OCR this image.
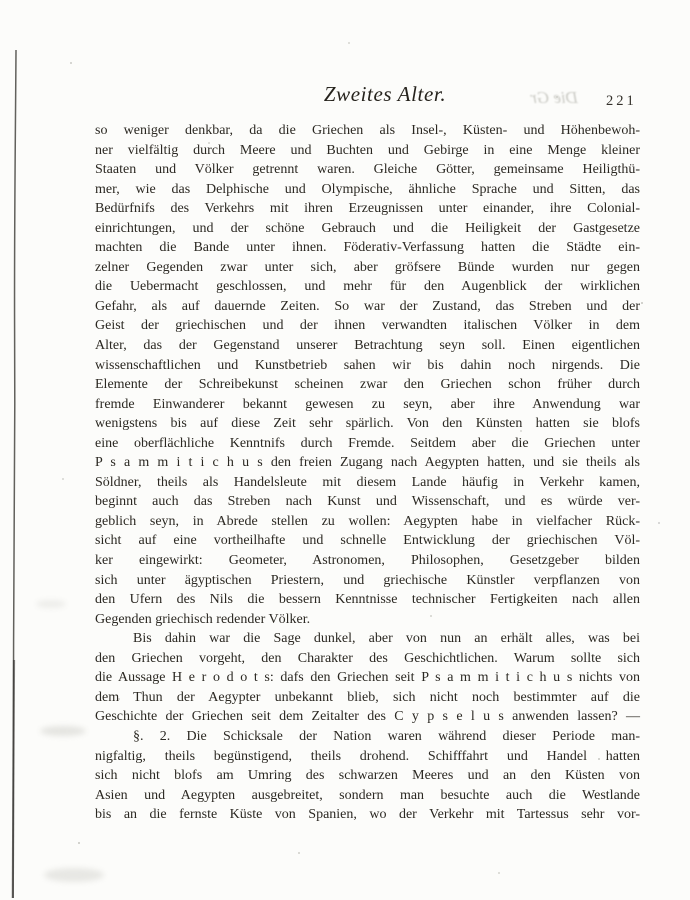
Die Gr
Zweites Alter.	221
so weniger denkbar, da die Griechen als Insel-, Küsten- und Höhenbewoh-
ner vielfältig durch Meere und Buchten und Gebirge in eine Menge kleiner
Staaten und Völker getrennt waren. Gleiche Götter, gemeinsame Heiligthü-
mer, wie das Delphische und Olympische, ähnliche Sprache und Sitten, das
Bedürfnifs des Verkehrs mit ihren Erzeugnissen unter einander, ihre Colonial-
einrichtungen, und der schöne Gebrauch und die Heiligkeit der Gastgesetze
machten die Bande unter ihnen. Föderativ-Verfassung hatten die Städte ein-
zelner Gegenden zwar unter sich, aber gröfsere Bünde wurden nur gegen
die Uebermacht geschlossen, und mehr für den Augenblick der wirklichen
Gefahr, als auf dauernde Zeiten. So war der Zustand, das Streben und der
Geist der griechischen und der ihnen verwandten italischen Völker in dem
Alter, das der Gegenstand unserer Betrachtung seyn soll. Einen eigentlichen
wissenschaftlichen und Kunstbetrieb sahen wir bis dahin noch nirgends. Die
Elemente der Schreibekunst scheinen zwar den Griechen schon früher durch
fremde Einwanderer bekannt gewesen zu seyn, aber ihre Anwendung war
wenigstens bis auf diese Zeit sehr spärlich. Von den Künsten hatten sie blofs
eine oberflächliche Kenntnifs durch Fremde. Seitdem aber die Griechen unter
P s a m m i t i c h u s den freien Zugang nach Aegypten hatten, und sie theils als
Söldner, theils als Handelsleute mit diesem Lande häufig in Verkehr kamen,
beginnt auch das Streben nach Kunst und Wissenschaft, und es würde ver-
geblich seyn, in Abrede stellen zu wollen: Aegypten habe in vielfacher Rück-
sicht auf eine vortheilhafte und schnelle Entwicklung der griechischen Völ-
ker eingewirkt: Geometer, Astronomen, Philosophen, Gesetzgeber bilden
sich unter ägyptischen Priestern, und griechische Künstler verpflanzen von
den Ufern des Nils die bessern Kenntnisse technischer Fertigkeiten nach allen
Gegenden griechisch redender Völker.
Bis dahin war die Sage dunkel, aber von nun an erhält alles, was bei
den Griechen vorgeht, den Charakter des Geschichtlichen. Warum sollte sich
die Aussage H e r o d o t s: dafs den Griechen seit P s a m m i t i c h u s nichts von
dem Thun der Aegypter unbekannt blieb, sich nicht noch bestimmter auf die
Geschichte der Griechen seit dem Zeitalter des C y p s e l u s anwenden lassen? —
§. 2. Die Schicksale der Nation waren während dieser Periode man-
nigfaltig, theils begünstigend, theils drohend. Schifffahrt und Handel hatten
sich nicht blofs am Umring des schwarzen Meeres und an den Küsten von
Asien und Aegypten ausgebreitet, sondern man besuchte auch die Westlande
bis an die fernste Küste von Spanien, wo der Verkehr mit Tartessus sehr vor-
